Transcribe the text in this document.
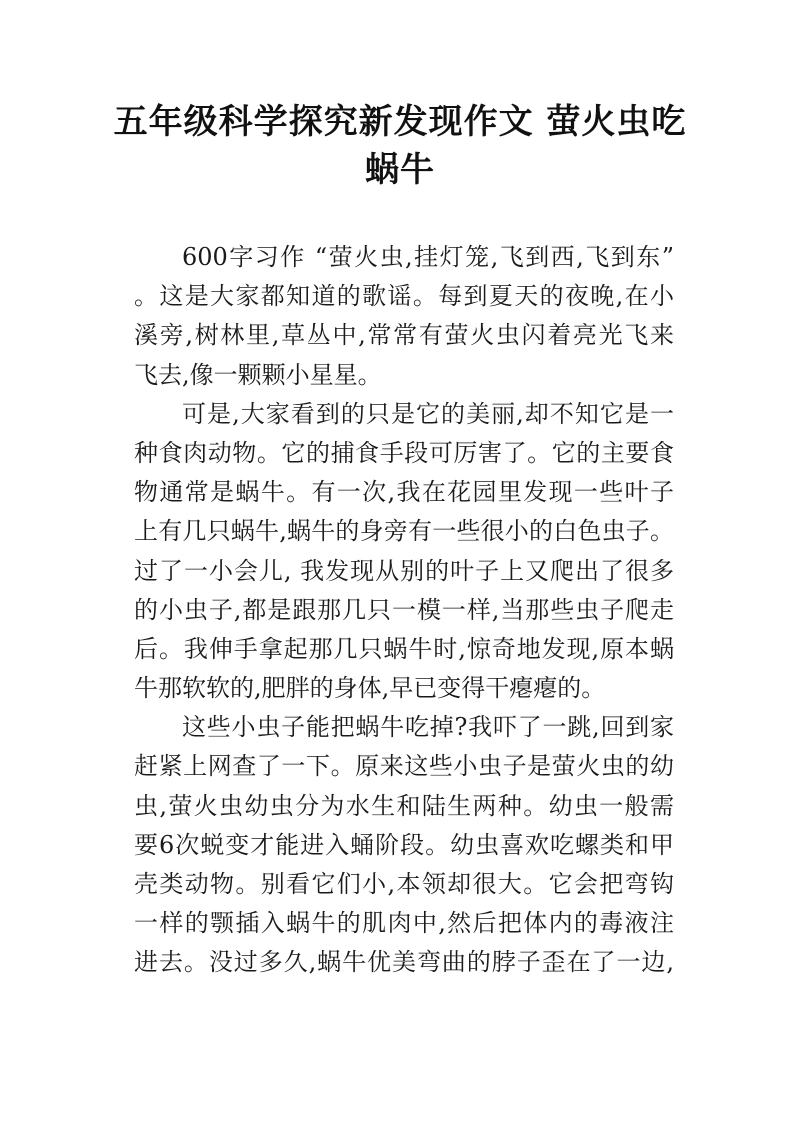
五年级科学探究新发现作文 萤火虫吃
蜗牛
600字习作 “萤火虫,挂灯笼,飞到西,飞到东”
。这是大家都知道的歌谣。每到夏天的夜晚,在小
溪旁,树林里,草丛中,常常有萤火虫闪着亮光飞来
飞去,像一颗颗小星星。
可是,大家看到的只是它的美丽,却不知它是一
种食肉动物。它的捕食手段可厉害了。它的主要食
物通常是蜗牛。有一次,我在花园里发现一些叶子
上有几只蜗牛,蜗牛的身旁有一些很小的白色虫子。
过了一小会儿, 我发现从别的叶子上又爬出了很多
的小虫子,都是跟那几只一模一样,当那些虫子爬走
后。我伸手拿起那几只蜗牛时,惊奇地发现,原本蜗
牛那软软的,肥胖的身体,早已变得干瘪瘪的。
这些小虫子能把蜗牛吃掉?我吓了一跳,回到家
赶紧上网查了一下。原来这些小虫子是萤火虫的幼
虫,萤火虫幼虫分为水生和陆生两种。幼虫一般需
要6次蜕变才能进入蛹阶段。幼虫喜欢吃螺类和甲
壳类动物。别看它们小,本领却很大。它会把弯钩
一样的颚插入蜗牛的肌肉中,然后把体内的毒液注
进去。没过多久,蜗牛优美弯曲的脖子歪在了一边,
